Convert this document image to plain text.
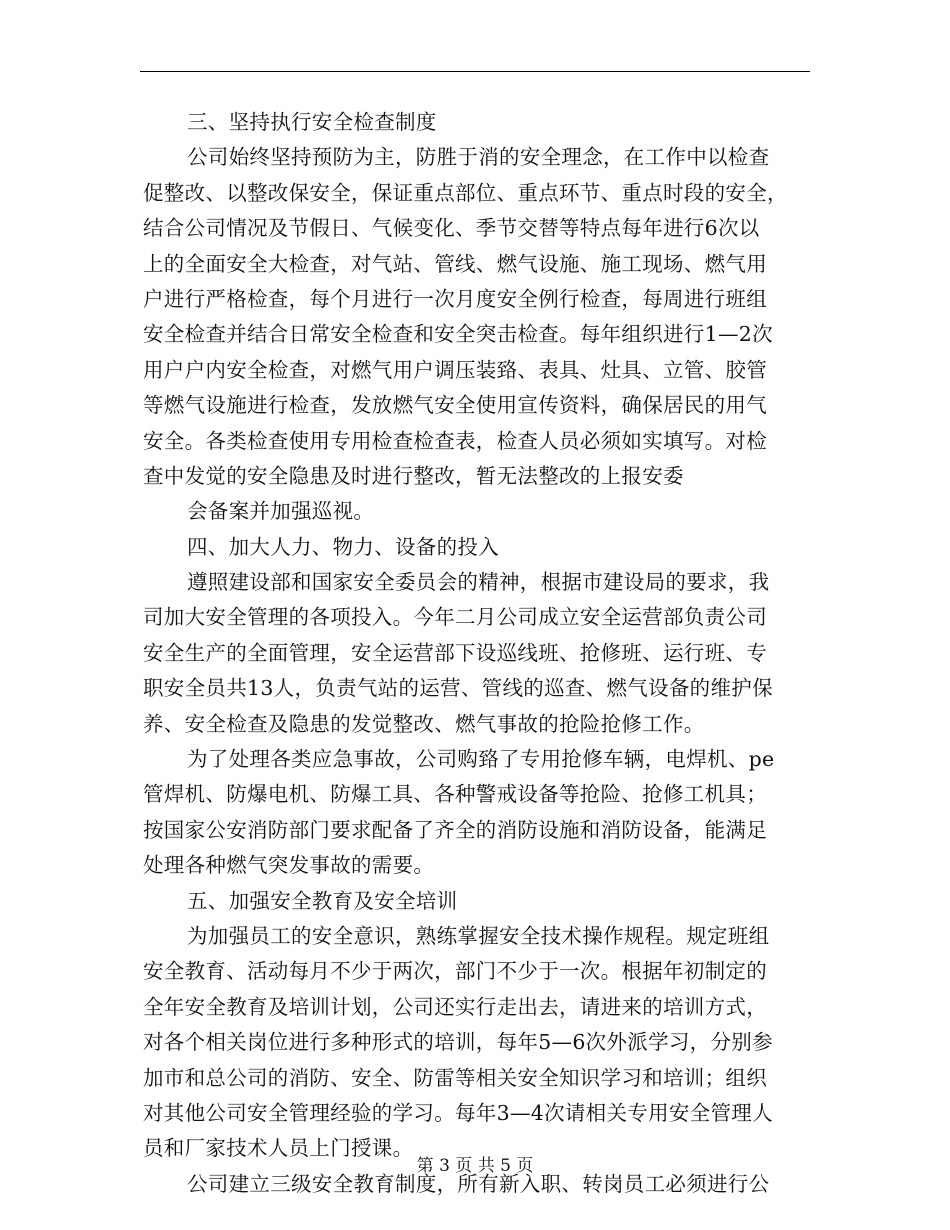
三、坚持执行安全检查制度
公司始终坚持预防为主，防胜于消的安全理念，在工作中以检查
促整改、以整改保安全，保证重点部位、重点环节、重点时段的安全，
结合公司情况及节假日、气候变化、季节交替等特点每年进行6次以
上的全面安全大检查，对气站、管线、燃气设施、施工现场、燃气用
户进行严格检查，每个月进行一次月度安全例行检查，每周进行班组
安全检查并结合日常安全检查和安全突击检查。每年组织进行1—2次
用户户内安全检查，对燃气用户调压装臵、表具、灶具、立管、胶管
等燃气设施进行检查，发放燃气安全使用宣传资料，确保居民的用气
安全。各类检查使用专用检查检查表，检查人员必须如实填写。对检
查中发觉的安全隐患及时进行整改，暂无法整改的上报安委
会备案并加强巡视。
四、加大人力、物力、设备的投入
遵照建设部和国家安全委员会的精神，根据市建设局的要求，我
司加大安全管理的各项投入。今年二月公司成立安全运营部负责公司
安全生产的全面管理，安全运营部下设巡线班、抢修班、运行班、专
职安全员共13人，负责气站的运营、管线的巡查、燃气设备的维护保
养、安全检查及隐患的发觉整改、燃气事故的抢险抢修工作。
为了处理各类应急事故，公司购臵了专用抢修车辆，电焊机、pe
管焊机、防爆电机、防爆工具、各种警戒设备等抢险、抢修工机具；
按国家公安消防部门要求配备了齐全的消防设施和消防设备，能满足
处理各种燃气突发事故的需要。
五、加强安全教育及安全培训
为加强员工的安全意识，熟练掌握安全技术操作规程。规定班组
安全教育、活动每月不少于两次，部门不少于一次。根据年初制定的
全年安全教育及培训计划，公司还实行走出去，请进来的培训方式，
对各个相关岗位进行多种形式的培训，每年5—6次外派学习，分别参
加市和总公司的消防、安全、防雷等相关安全知识学习和培训；组织
对其他公司安全管理经验的学习。每年3—4次请相关专用安全管理人
员和厂家技术人员上门授课。
公司建立三级安全教育制度，所有新入职、转岗员工必须进行公
第 3 页 共 5 页
